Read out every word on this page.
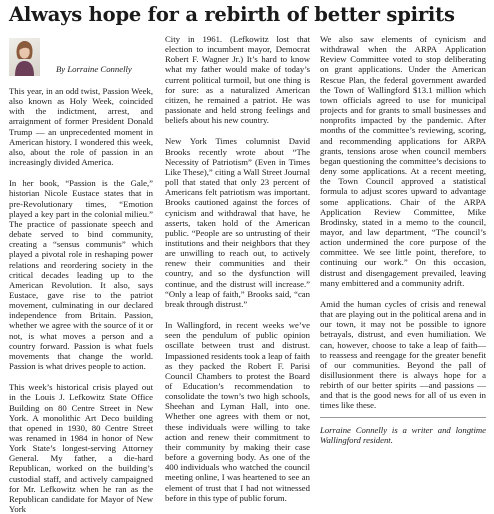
Always hope for a rebirth of better spirits
By Lorraine Connelly

This year, in an odd twist, Passion Week, also known as Holy Week, coincided with the indictment, arrest, and arraignment of former President Donald Trump — an unprecedented moment in American history. I wondered this week, also, about the role of passion in an increasingly divided America.

In her book, “Passion is the Gale,” historian Nicole Eustace states that in pre-Revolutionary times, “Emotion played a key part in the colonial milieu.” The practice of passionate speech and debate served to bind community, creating a “sensus communis” which played a pivotal role in reshaping power relations and reordering society in the critical decades leading up to the American Revolution. It also, says Eustace, gave rise to the patriot movement, culminating in our declared independence from Britain. Passion, whether we agree with the source of it or not, is what moves a person and a country forward. Passion is what fuels movements that change the world. Passion is what drives people to action.

This week’s historical crisis played out in the Louis J. Lefkowitz State Office Building on 80 Centre Street in New York. A monolithic Art Deco building that opened in 1930, 80 Centre Street was renamed in 1984 in honor of New York State’s longest-serving Attorney General. My father, a die-hard Republican, worked on the building’s custodial staff, and actively campaigned for Mr. Lefkowitz when he ran as the Republican candidate for Mayor of New York

City in 1961. (Lefkowitz lost that election to incumbent mayor, Democrat Robert F. Wagner Jr.) It’s hard to know what my father would make of today’s current political turmoil, but one thing is for sure: as a naturalized American citizen, he remained a patriot. He was passionate and held strong feelings and beliefs about his new country.

New York Times columnist David Brooks recently wrote about “The Necessity of Patriotism” (Even in Times Like These),” citing a Wall Street Journal poll that stated that only 23 percent of Americans felt patriotism was important. Brooks cautioned against the forces of cynicism and withdrawal that have, he asserts, taken hold of the American public. “People are so untrusting of their institutions and their neighbors that they are unwilling to reach out, to actively renew their communities and their country, and so the dysfunction will continue, and the distrust will increase.” “Only a leap of faith,” Brooks said, “can break through distrust.”

In Wallingford, in recent weeks we’ve seen the pendulum of public opinion oscillate between trust and distrust. Impassioned residents took a leap of faith as they packed the Robert F. Parisi Council Chambers to protest the Board of Education’s recommendation to consolidate the town’s two high schools, Sheehan and Lyman Hall, into one. Whether one agrees with them or not, these individuals were willing to take action and renew their commitment to their community by making their case before a governing body. As one of the 400 individuals who watched the council meeting online, I was heartened to see an element of trust that I had not witnessed before in this type of public forum.

We also saw elements of cynicism and withdrawal when the ARPA Application Review Committee voted to stop deliberating on grant applications. Under the American Rescue Plan, the federal government awarded the Town of Wallingford $13.1 million which town officials agreed to use for municipal projects and for grants to small businesses and nonprofits impacted by the pandemic. After months of the committee’s reviewing, scoring, and recommending applications for ARPA grants, tensions arose when council members began questioning the committee’s decisions to deny some applications. At a recent meeting, the Town Council approved a statistical formula to adjust scores upward to advantage some applications. Chair of the ARPA Application Review Committee, Mike Brodinsky, stated in a memo to the council, mayor, and law department, “The council’s action undermined the core purpose of the committee. We see little point, therefore, to continuing our work.” On this occasion, distrust and disengagement prevailed, leaving many embittered and a community adrift.

Amid the human cycles of crisis and renewal that are playing out in the political arena and in our town, it may not be possible to ignore betrayals, distrust, and even humiliation. We can, however, choose to take a leap of faith— to reassess and reengage for the greater benefit of our communities. Beyond the pall of disillusionment there is always hope for a rebirth of our better spirits —and passions — and that is the good news for all of us even in times like these.

Lorraine Connelly is a writer and longtime Wallingford resident.
